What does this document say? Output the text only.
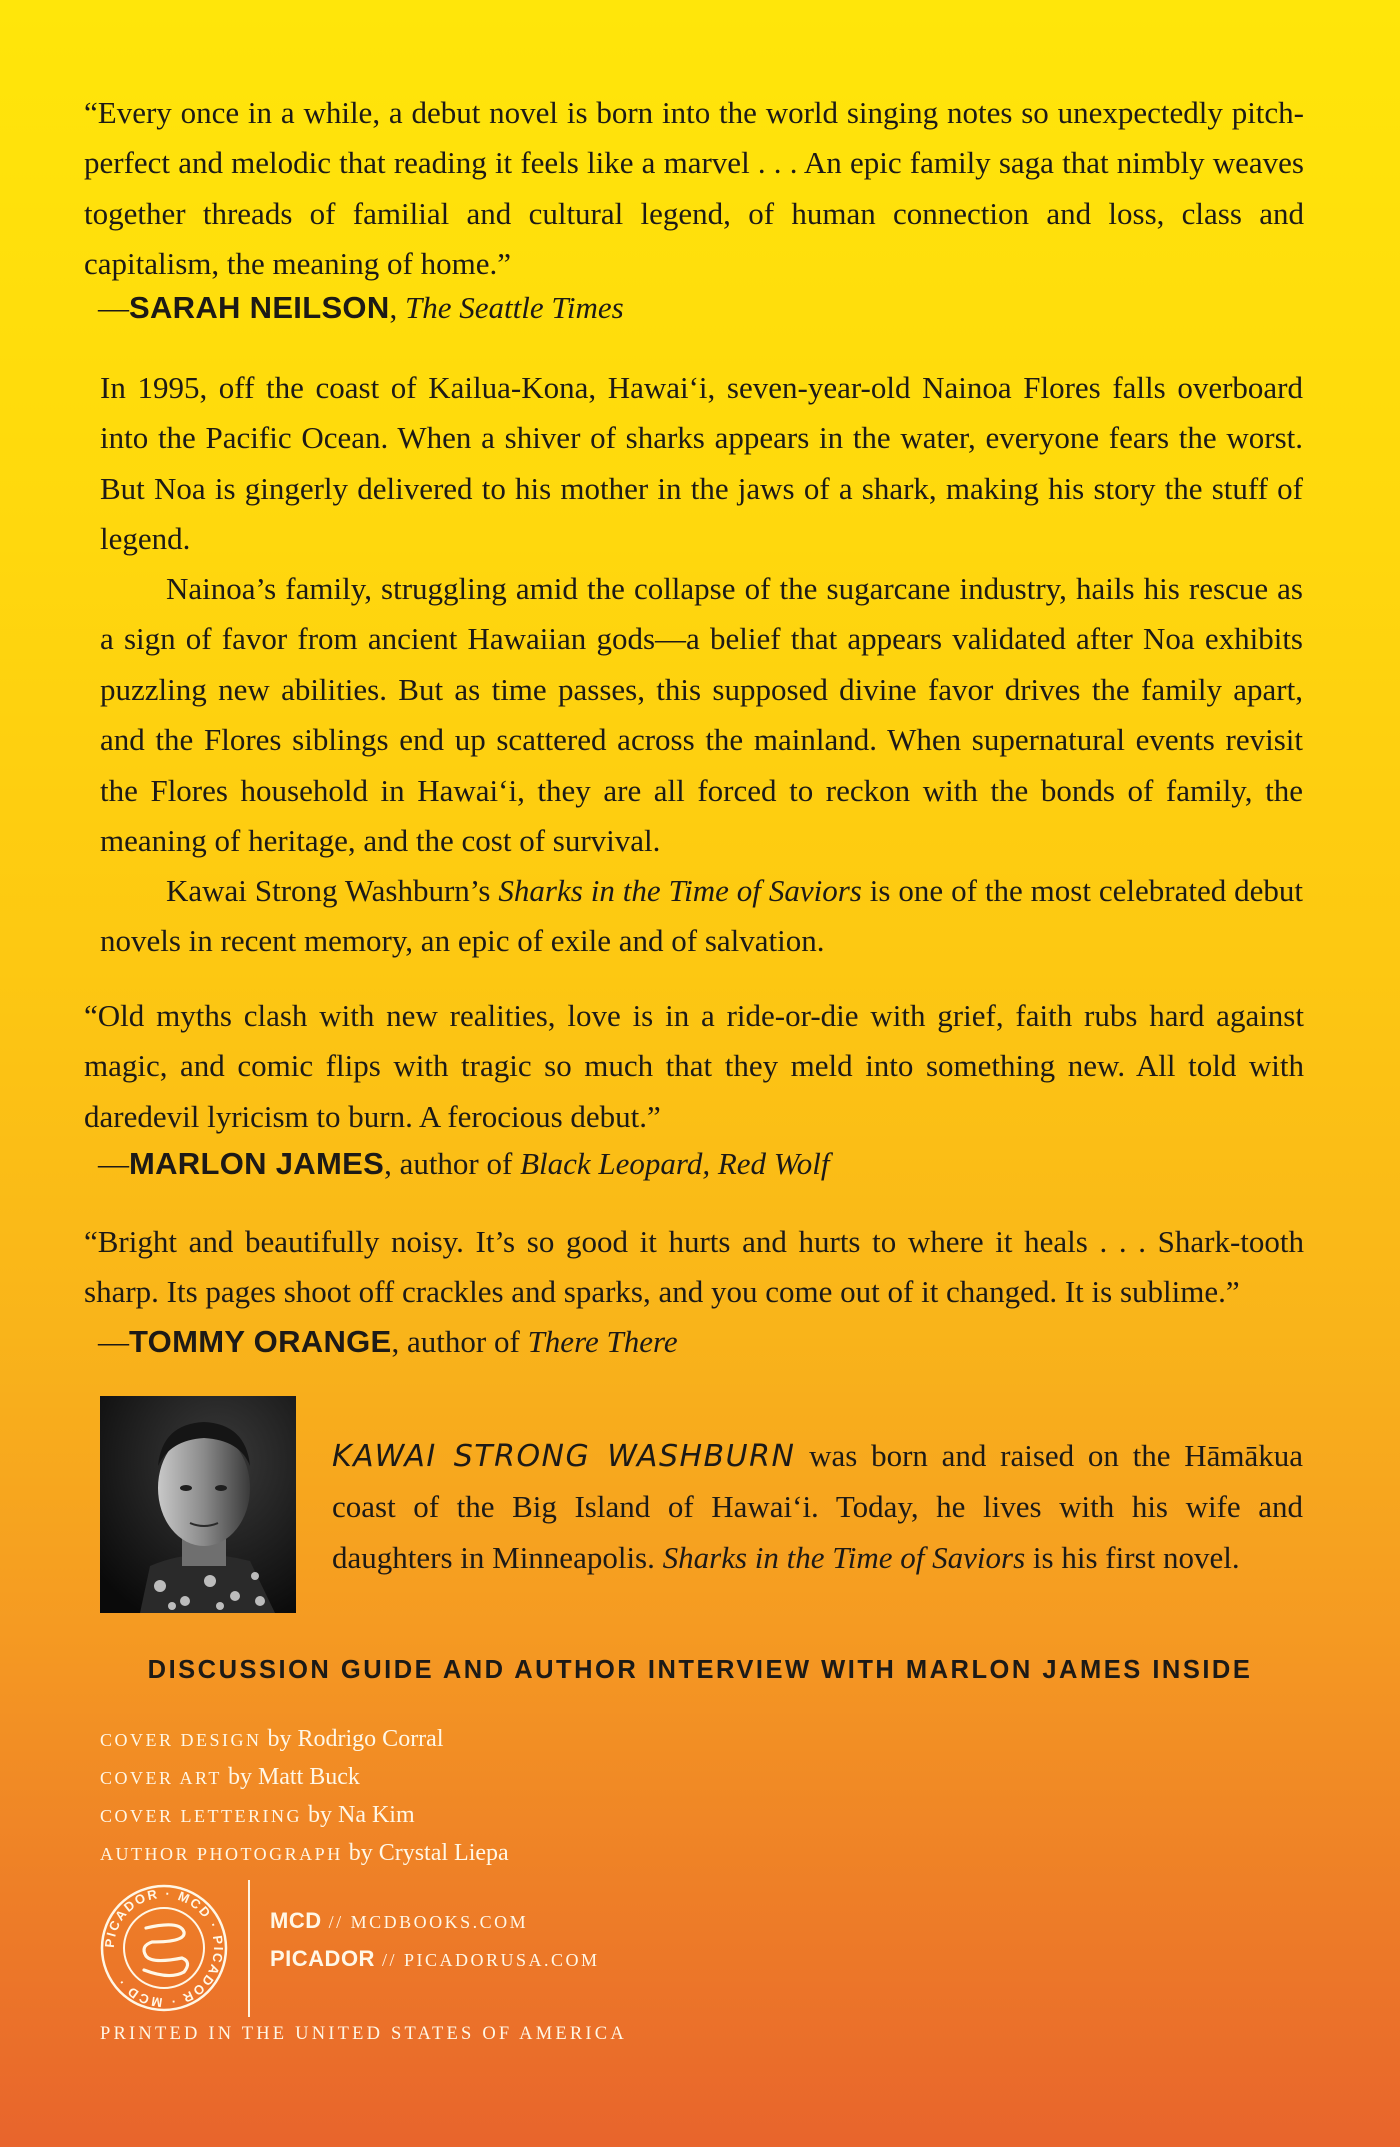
“Every once in a while, a debut novel is born into the world singing notes so unexpectedly pitch-perfect and melodic that reading it feels like a marvel . . . An epic family saga that nimbly weaves together threads of familial and cultural legend, of human connection and loss, class and capitalism, the meaning of home.”

—SARAH NEILSON, The Seattle Times

In 1995, off the coast of Kailua-Kona, Hawai‘i, seven-year-old Nainoa Flores falls overboard into the Pacific Ocean. When a shiver of sharks appears in the water, everyone fears the worst. But Noa is gingerly delivered to his mother in the jaws of a shark, making his story the stuff of legend.

Nainoa’s family, struggling amid the collapse of the sugarcane industry, hails his rescue as a sign of favor from ancient Hawaiian gods—a belief that appears validated after Noa exhibits puzzling new abilities. But as time passes, this supposed divine favor drives the family apart, and the Flores siblings end up scattered across the mainland. When supernatural events revisit the Flores household in Hawai‘i, they are all forced to reckon with the bonds of family, the meaning of heritage, and the cost of survival.

Kawai Strong Washburn’s Sharks in the Time of Saviors is one of the most celebrated debut novels in recent memory, an epic of exile and of salvation.

“Old myths clash with new realities, love is in a ride-or-die with grief, faith rubs hard against magic, and comic flips with tragic so much that they meld into something new. All told with daredevil lyricism to burn. A ferocious debut.”

—MARLON JAMES, author of Black Leopard, Red Wolf

“Bright and beautifully noisy. It’s so good it hurts and hurts to where it heals . . . Shark-tooth sharp. Its pages shoot off crackles and sparks, and you come out of it changed. It is sublime.”

—TOMMY ORANGE, author of There There

KAWAI STRONG WASHBURN was born and raised on the Hāmākua coast of the Big Island of Hawai‘i. Today, he lives with his wife and daughters in Minneapolis. Sharks in the Time of Saviors is his first novel.

DISCUSSION GUIDE AND AUTHOR INTERVIEW WITH MARLON JAMES INSIDE

COVER DESIGN by Rodrigo Corral
COVER ART by Matt Buck
COVER LETTERING by Na Kim
AUTHOR PHOTOGRAPH by Crystal Liepa
PICADOR · MCD · PICADOR · MCD ·

MCD // MCDBOOKS.COM

PICADOR // PICADORUSA.COM

PRINTED IN THE UNITED STATES OF AMERICA
